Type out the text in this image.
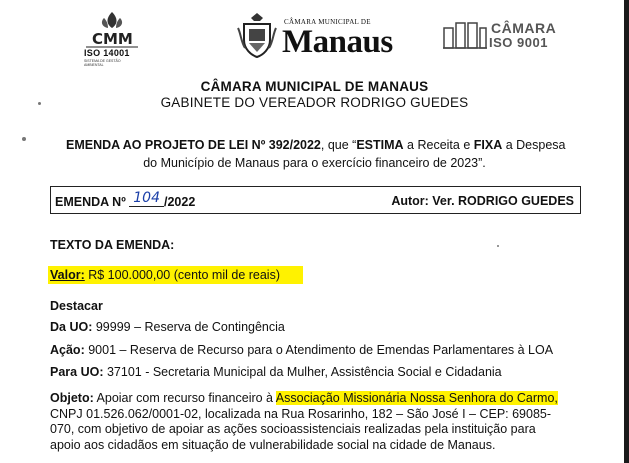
CMM
ISO 14001
SISTEMA DE GESTÃO AMBIENTAL
CÂMARA MUNICIPAL DE
Manaus	CÂMARA
ISO 9001
CÂMARA MUNICIPAL DE MANAUS
GABINETE DO VEREADOR RODRIGO GUEDES
EMENDA AO PROJETO DE LEI Nº 392/2022, que “ESTIMA a Receita e FIXA a Despesa
do Município de Manaus para o exercício financeiro de 2023”.
EMENDA Nº 104 /2022	Autor: Ver. RODRIGO GUEDES
TEXTO DA EMENDA:
Valor: R$ 100.000,00 (cento mil de reais)
Destacar
Da UO: 99999 – Reserva de Contingência
Ação: 9001 – Reserva de Recurso para o Atendimento de Emendas Parlamentares à LOA
Para UO: 37101 - Secretaria Municipal da Mulher, Assistência Social e Cidadania
Objeto: Apoiar com recurso financeiro à Associação Missionária Nossa Senhora do Carmo,
CNPJ 01.526.062/0001-02, localizada na Rua Rosarinho, 182 – São José I – CEP: 69085-
070, com objetivo de apoiar as ações socioassistenciais realizadas pela instituição para
apoio aos cidadãos em situação de vulnerabilidade social na cidade de Manaus.
